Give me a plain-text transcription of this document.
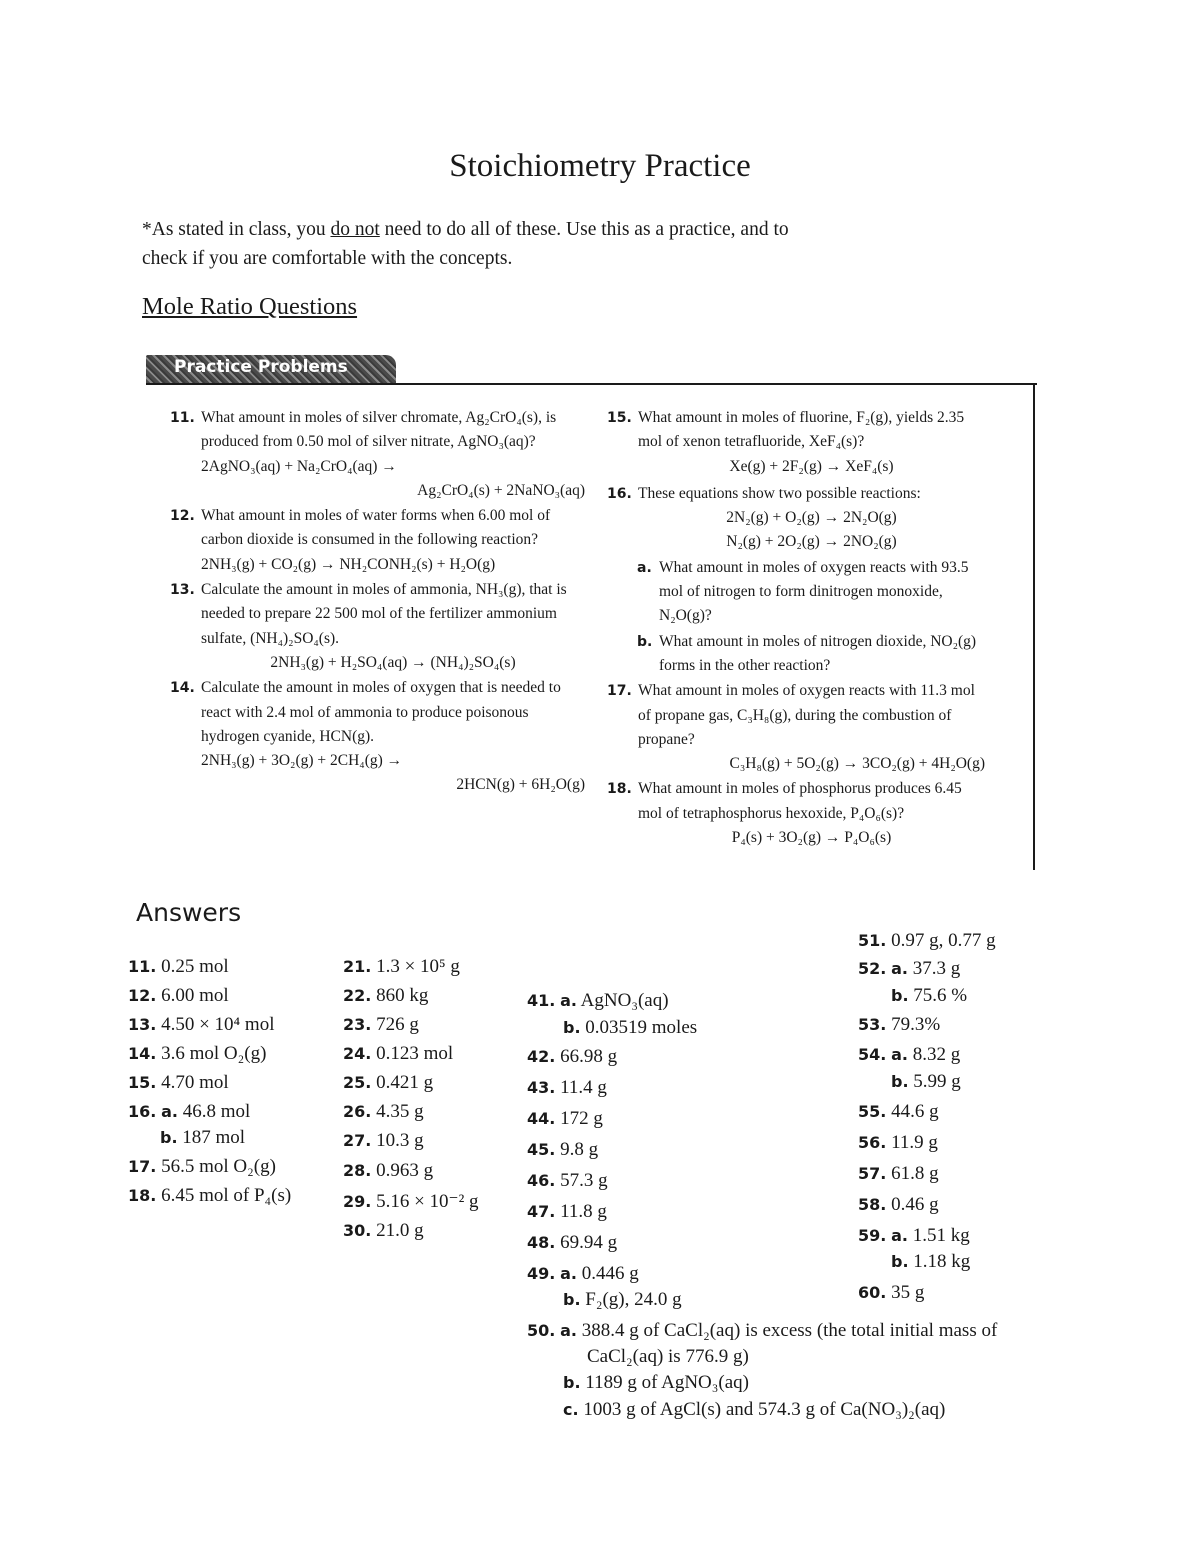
Stoichiometry Practice
*As stated in class, you do not need to do all of these. Use this as a practice, and to
check if you are comfortable with the concepts.
Mole Ratio Questions
Practice Problems
11. What amount in moles of silver chromate, Ag₂CrO₄(s), is produced from 0.50 mol of silver nitrate, AgNO₃(aq)?
2AgNO₃(aq) + Na₂CrO₄(aq) →
Ag₂CrO₄(s) + 2NaNO₃(aq)
12. What amount in moles of water forms when 6.00 mol of carbon dioxide is consumed in the following reaction?
2NH₃(g) + CO₂(g) → NH₂CONH₂(s) + H₂O(g)
13. Calculate the amount in moles of ammonia, NH₃(g), that is needed to prepare 22 500 mol of the fertilizer ammonium sulfate, (NH₄)₂SO₄(s).
2NH₃(g) + H₂SO₄(aq) → (NH₄)₂SO₄(s)
14. Calculate the amount in moles of oxygen that is needed to react with 2.4 mol of ammonia to produce poisonous hydrogen cyanide, HCN(g).
2NH₃(g) + 3O₂(g) + 2CH₄(g) →
2HCN(g) + 6H₂O(g)
15. What amount in moles of fluorine, F₂(g), yields 2.35 mol of xenon tetrafluoride, XeF₄(s)?
Xe(g) + 2F₂(g) → XeF₄(s)
16. These equations show two possible reactions:
2N₂(g) + O₂(g) → 2N₂O(g)
N₂(g) + 2O₂(g) → 2NO₂(g)
a. What amount in moles of oxygen reacts with 93.5 mol of nitrogen to form dinitrogen monoxide, N₂O(g)?
b. What amount in moles of nitrogen dioxide, NO₂(g) forms in the other reaction?
17. What amount in moles of oxygen reacts with 11.3 mol of propane gas, C₃H₈(g), during the combustion of propane?
C₃H₈(g) + 5O₂(g) → 3CO₂(g) + 4H₂O(g)
18. What amount in moles of phosphorus produces 6.45 mol of tetraphosphorus hexoxide, P₄O₆(s)?
P₄(s) + 3O₂(g) → P₄O₆(s)
Answers
11. 0.25 mol
12. 6.00 mol
13. 4.50 × 10⁴ mol
14. 3.6 mol O₂(g)
15. 4.70 mol
16. a. 46.8 mol
b. 187 mol
17. 56.5 mol O₂(g)
18. 6.45 mol of P₄(s)
21. 1.3 × 10⁵ g
22. 860 kg
23. 726 g
24. 0.123 mol
25. 0.421 g
26. 4.35 g
27. 10.3 g
28. 0.963 g
29. 5.16 × 10⁻² g
30. 21.0 g
41. a. AgNO₃(aq)
b. 0.03519 moles
42. 66.98 g
43. 11.4 g
44. 172 g
45. 9.8 g
46. 57.3 g
47. 11.8 g
48. 69.94 g
49. a. 0.446 g
b. F₂(g), 24.0 g
50. a. 388.4 g of CaCl₂(aq) is excess (the total initial mass of
CaCl₂(aq) is 776.9 g)
b. 1189 g of AgNO₃(aq)
c. 1003 g of AgCl(s) and 574.3 g of Ca(NO₃)₂(aq)
51. 0.97 g, 0.77 g
52. a. 37.3 g
b. 75.6 %
53. 79.3%
54. a. 8.32 g
b. 5.99 g
55. 44.6 g
56. 11.9 g
57. 61.8 g
58. 0.46 g
59. a. 1.51 kg
b. 1.18 kg
60. 35 g
